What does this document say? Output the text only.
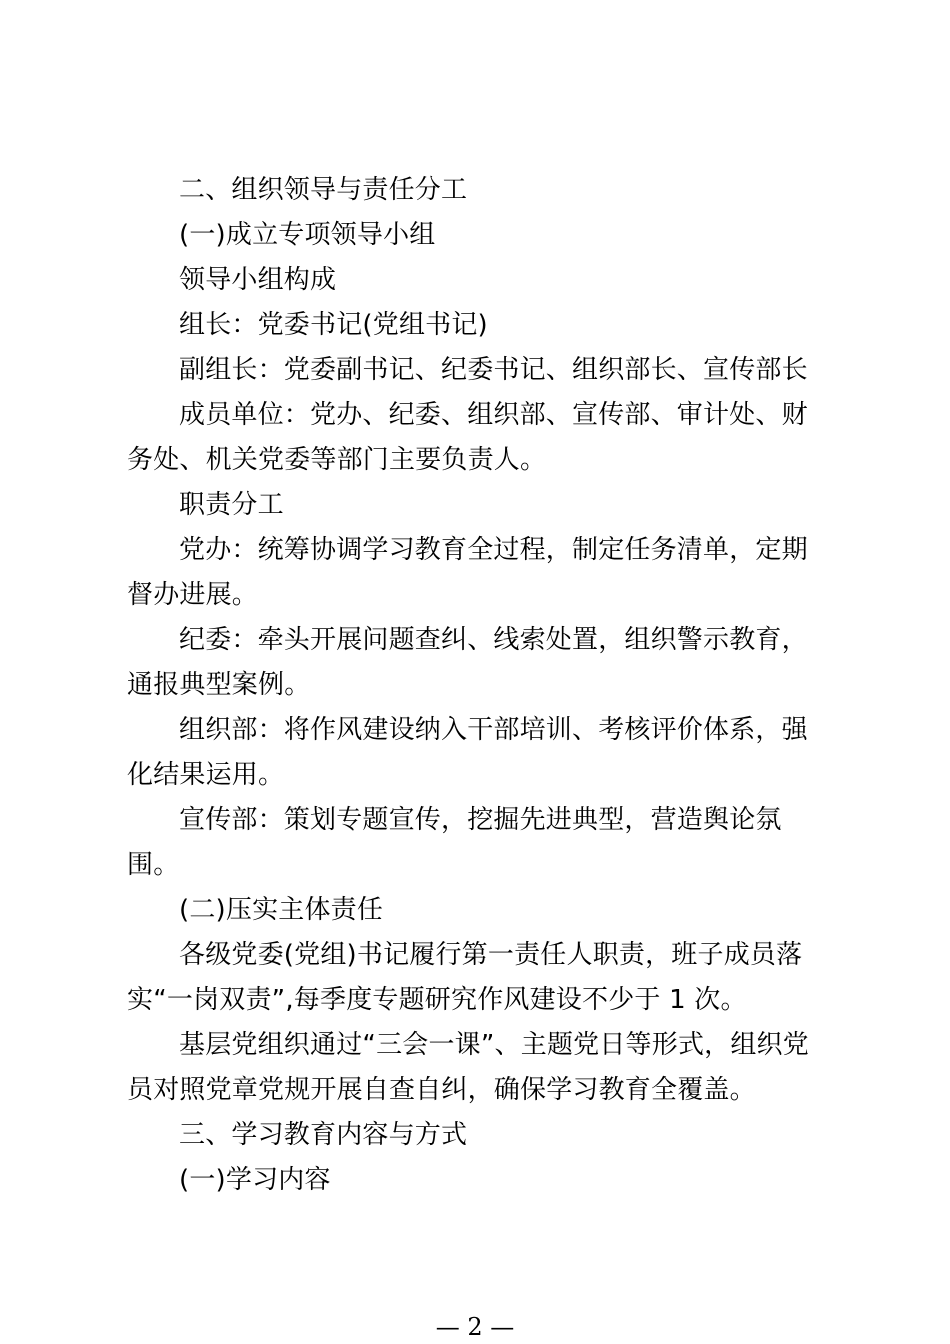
二、组织领导与责任分工

(一)成立专项领导小组

领导小组构成

组长：党委书记(党组书记)

副组长：党委副书记、纪委书记、组织部长、宣传部长

成员单位：党办、纪委、组织部、宣传部、审计处、财务处、机关党委等部门主要负责人。

职责分工

党办：统筹协调学习教育全过程，制定任务清单，定期督办进展。

纪委：牵头开展问题查纠、线索处置，组织警示教育，通报典型案例。

组织部：将作风建设纳入干部培训、考核评价体系，强化结果运用。

宣传部：策划专题宣传，挖掘先进典型，营造舆论氛围。

(二)压实主体责任

各级党委(党组)书记履行第一责任人职责，班子成员落实“一岗双责”,每季度专题研究作风建设不少于 1 次。

基层党组织通过“三会一课”、主题党日等形式，组织党员对照党章党规开展自查自纠，确保学习教育全覆盖。

三、学习教育内容与方式

(一)学习内容

— 2 —
